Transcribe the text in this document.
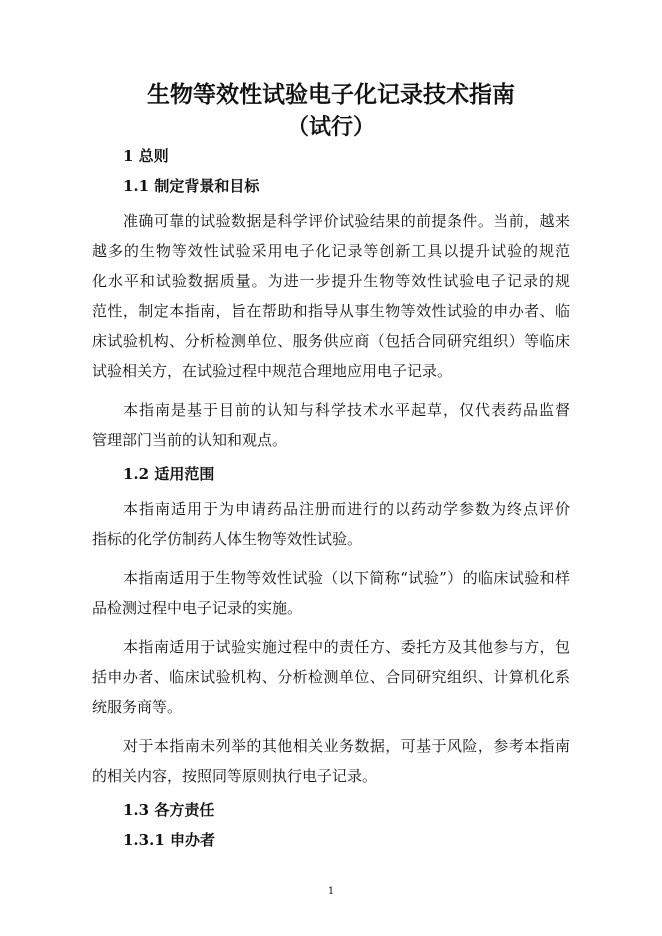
生物等效性试验电子化记录技术指南
（试行）
1 总则
1.1 制定背景和目标
准确可靠的试验数据是科学评价试验结果的前提条件。当前，越来
越多的生物等效性试验采用电子化记录等创新工具以提升试验的规范
化水平和试验数据质量。为进一步提升生物等效性试验电子记录的规
范性，制定本指南，旨在帮助和指导从事生物等效性试验的申办者、临
床试验机构、分析检测单位、服务供应商（包括合同研究组织）等临床
试验相关方，在试验过程中规范合理地应用电子记录。
本指南是基于目前的认知与科学技术水平起草，仅代表药品监督
管理部门当前的认知和观点。
1.2 适用范围
本指南适用于为申请药品注册而进行的以药动学参数为终点评价
指标的化学仿制药人体生物等效性试验。
本指南适用于生物等效性试验（以下简称“试验”）的临床试验和样
品检测过程中电子记录的实施。
本指南适用于试验实施过程中的责任方、委托方及其他参与方，包
括申办者、临床试验机构、分析检测单位、合同研究组织、计算机化系
统服务商等。
对于本指南未列举的其他相关业务数据，可基于风险，参考本指南
的相关内容，按照同等原则执行电子记录。
1.3 各方责任
1.3.1 申办者
1
